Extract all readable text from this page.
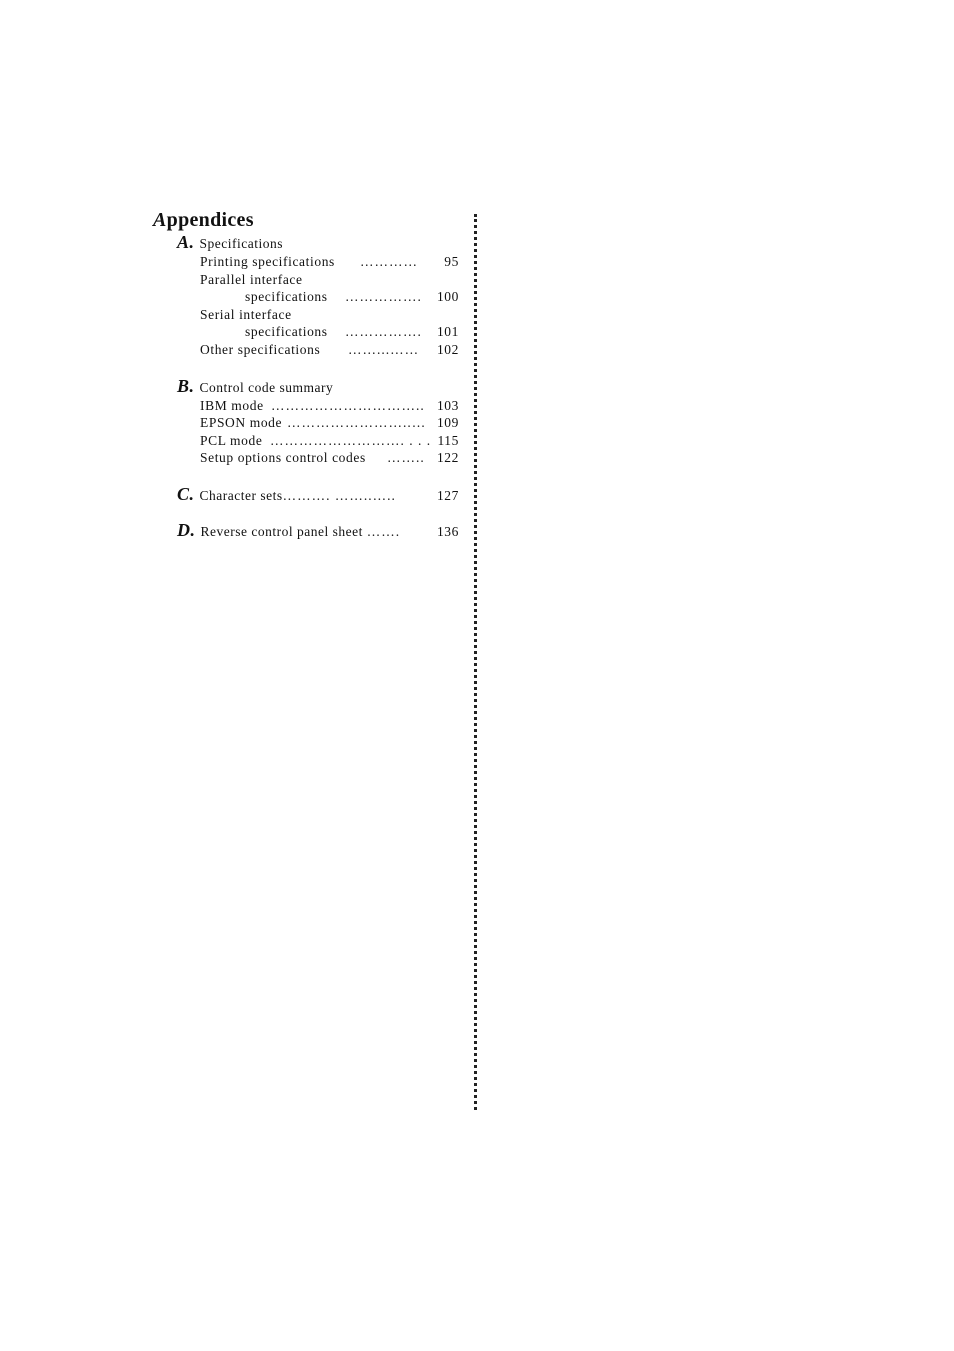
Appendices
A. Specifications
Printing specifications ………… 95
Parallel interface
specifications ……………. 100
Serial interface
specifications ……………. 101
Other specifications ……...…… 102
B. Control code summary
IBM mode ………………………….. 103
EPSON mode ……………………..… 109
PCL mode ………………………. . . . 115
Setup options control codes …….. 122
C. Character sets………. ……..…..	127
D. Reverse control panel sheet …….	136
